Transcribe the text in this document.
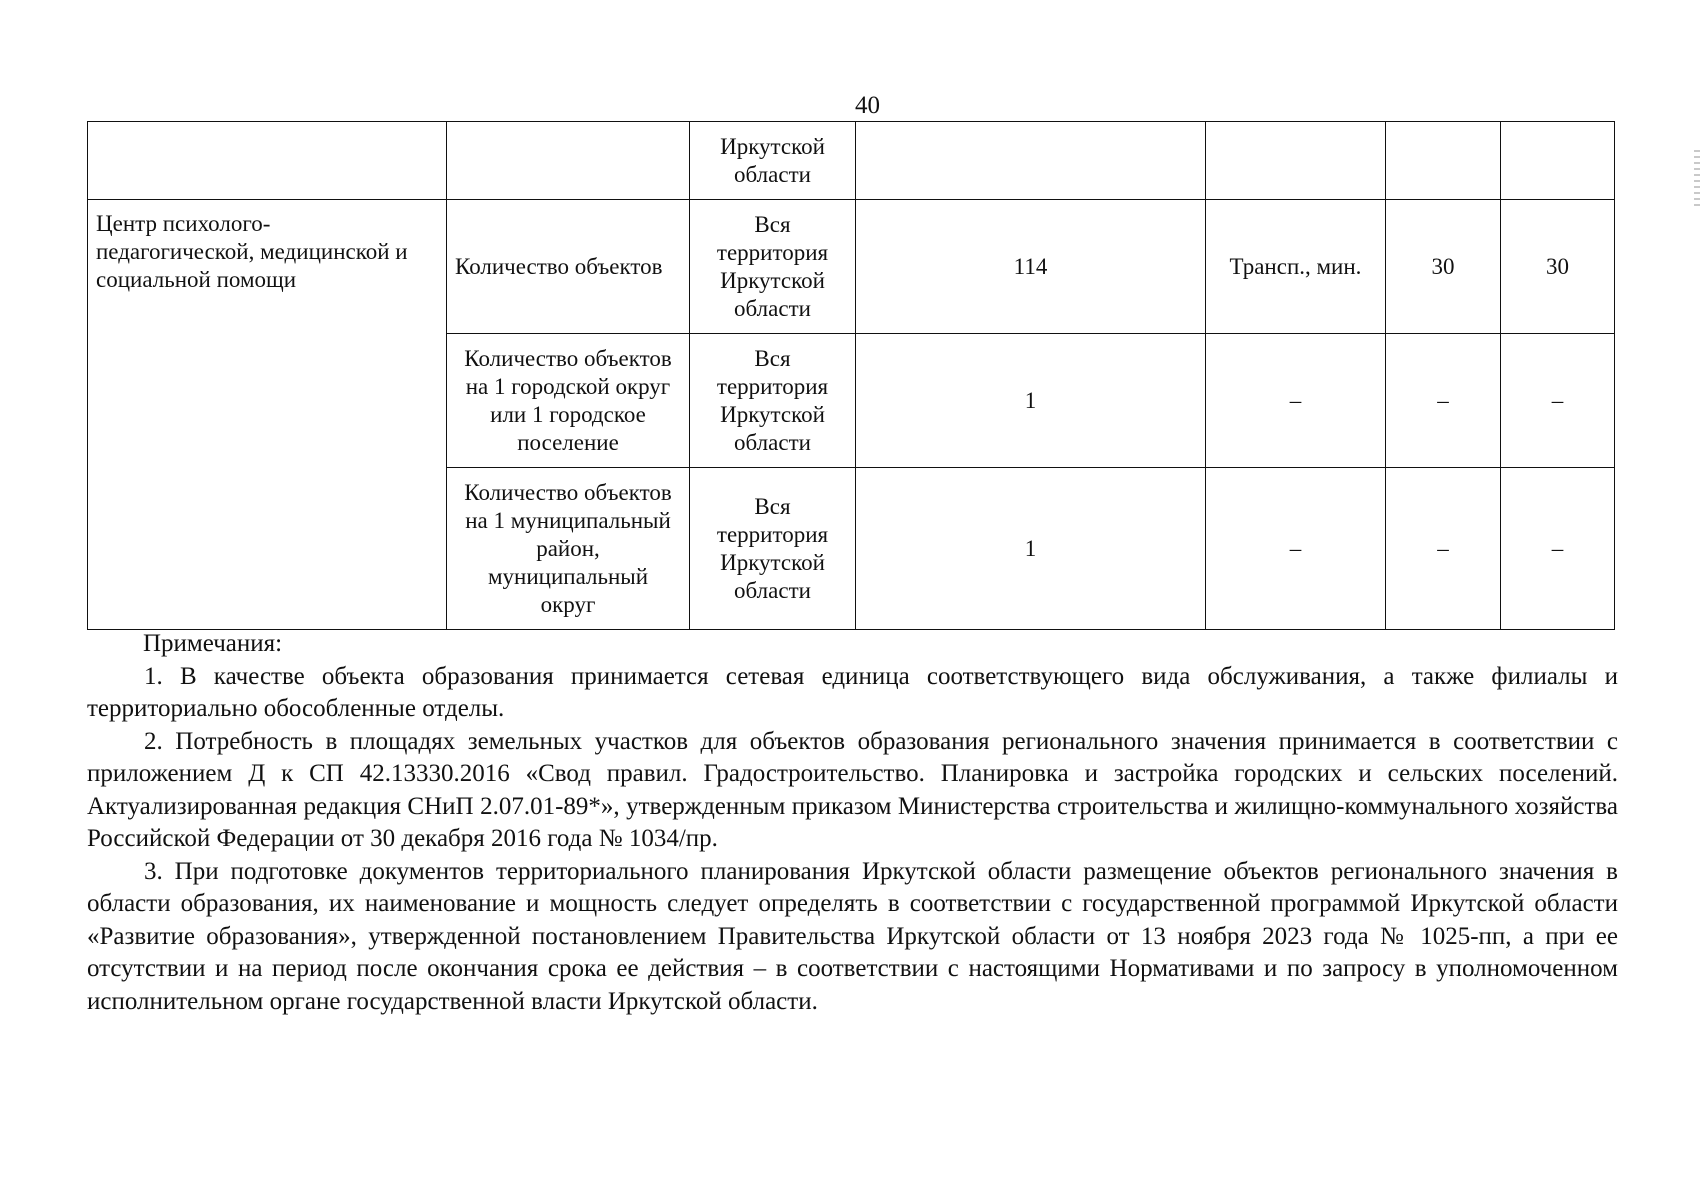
40
		Иркутской
области				
Центр психолого-
педагогической, медицинской и
социальной помощи	Количество объектов	Вся
территория
Иркутской
области	114	Трансп., мин.	30	30
	Количество объектов
на 1 городской округ
или 1 городское
поселение	Вся
территория
Иркутской
области	1	–	–	–
	Количество объектов
на 1 муниципальный
район,
муниципальный
округ	Вся
территория
Иркутской
области	1	–	–	–

Примечания:

1. В качестве объекта образования принимается сетевая единица соответствующего вида обслуживания, а также филиалы и территориально обособленные отделы.

2. Потребность в площадях земельных участков для объектов образования регионального значения принимается в соответствии с приложением Д к СП 42.13330.2016 «Свод правил. Градостроительство. Планировка и застройка городских и сельских поселений. Актуализированная редакция СНиП 2.07.01-89*», утвержденным приказом Министерства строительства и жилищно-коммунального хозяйства Российской Федерации от 30 декабря 2016 года № 1034/пр.

3. При подготовке документов территориального планирования Иркутской области размещение объектов регионального значения в области образования, их наименование и мощность следует определять в соответствии с государственной программой Иркутской области «Развитие образования», утвержденной постановлением Правительства Иркутской области от 13 ноября 2023 года № 1025-пп, а при ее отсутствии и на период после окончания срока ее действия – в соответствии с настоящими Нормативами и по запросу в уполномоченном исполнительном органе государственной власти Иркутской области.
